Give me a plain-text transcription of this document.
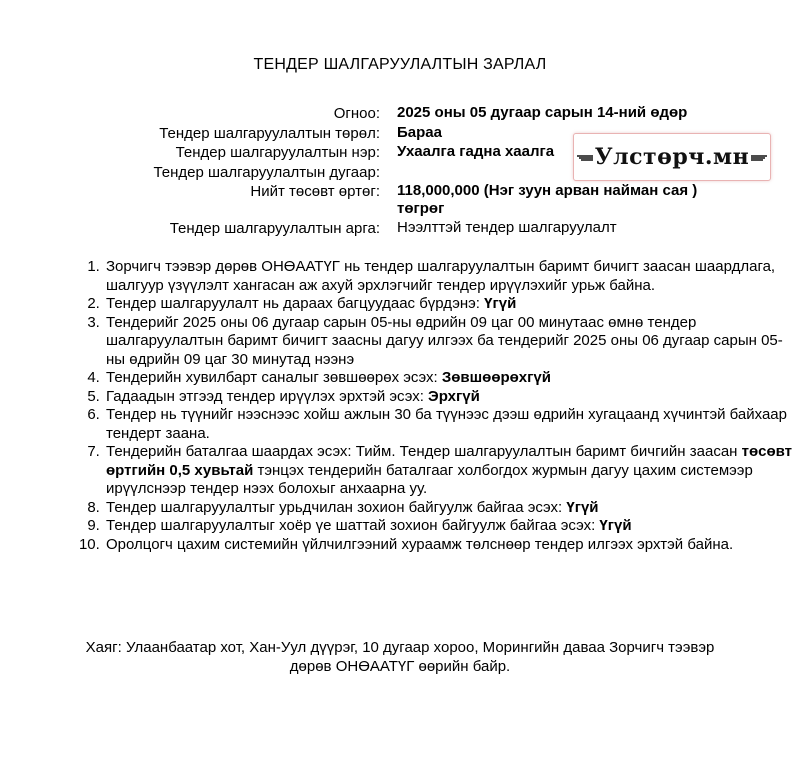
ТЕНДЕР ШАЛГАРУУЛАЛТЫН ЗАРЛАЛ
Огноо: 2025 оны 05 дугаар сарын 14-ний өдөр
Тендер шалгаруулалтын төрөл: Бараа
Тендер шалгаруулалтын нэр: Ухаалга гадна хаалга
Тендер шалгаруулалтын дугаар:
Нийт төсөвт өртөг: 118,000,000 (Нэг зуун арван найман сая ) төгрөг
Тендер шалгаруулалтын арга: Нээлттэй тендер шалгаруулалт
Улстөрч.мн
1. Зорчигч тээвэр дөрөв ОНӨААТҮГ нь тендер шалгаруулалтын баримт бичигт заасан шаардлага, шалгуур үзүүлэлт хангасан аж ахуй эрхлэгчийг тендер ирүүлэхийг урьж байна.
2. Тендер шалгаруулалт нь дараах багцуудаас бүрдэнэ: Үгүй
3. Тендерийг 2025 оны 06 дугаар сарын 05-ны өдрийн 09 цаг 00 минутаас өмнө тендер шалгаруулалтын баримт бичигт заасны дагуу илгээх ба тендерийг 2025 оны 06 дугаар сарын 05-ны өдрийн 09 цаг 30 минутад нээнэ
4. Тендерийн хувилбарт саналыг зөвшөөрөх эсэх: Зөвшөөрөхгүй
5. Гадаадын этгээд тендер ирүүлэх эрхтэй эсэх: Эрхгүй
6. Тендер нь түүнийг нээснээс хойш ажлын 30 ба түүнээс дээш өдрийн хугацаанд хүчинтэй байхаар тендерт заана.
7. Тендерийн баталгаа шаардах эсэх: Тийм. Тендер шалгаруулалтын баримт бичгийн заасан төсөвт өртгийн 0,5 хувьтай тэнцэх тендерийн баталгааг холбогдох журмын дагуу цахим системээр ирүүлснээр тендер нээх болохыг анхаарна уу.
8. Тендер шалгаруулалтыг урьдчилан зохион байгуулж байгаа эсэх: Үгүй
9. Тендер шалгаруулалтыг хоёр үе шаттай зохион байгуулж байгаа эсэх: Үгүй
10. Оролцогч цахим системийн үйлчилгээний хураамж төлснөөр тендер илгээх эрхтэй байна.
Хаяг: Улаанбаатар хот, Хан-Уул дүүрэг, 10 дугаар хороо, Морингийн даваа Зорчигч тээвэр
дөрөв ОНӨААТҮГ өөрийн байр.
